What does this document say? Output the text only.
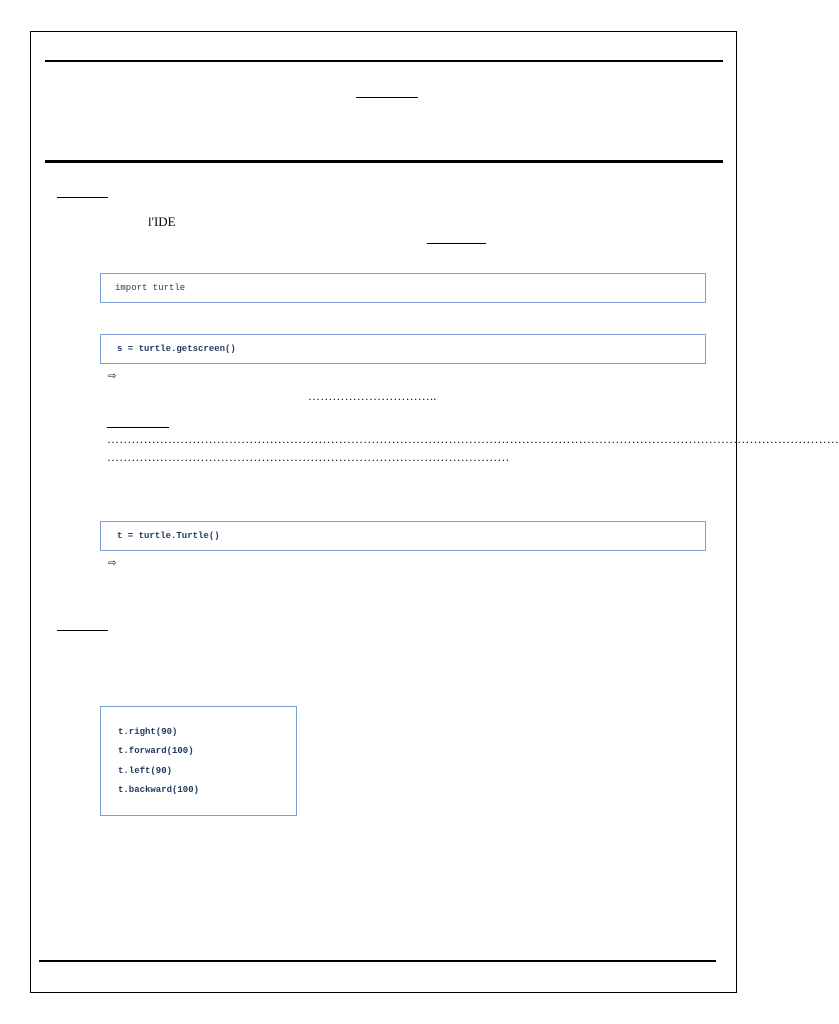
l'IDE
import turtle
s = turtle.getscreen()
⇨
…………………………..
………………………………………………………………………………………………………………………………………………………………
………………………………………………………………………………………
t = turtle.Turtle()
⇨
t.right(90)
t.forward(100)
t.left(90)
t.backward(100)
